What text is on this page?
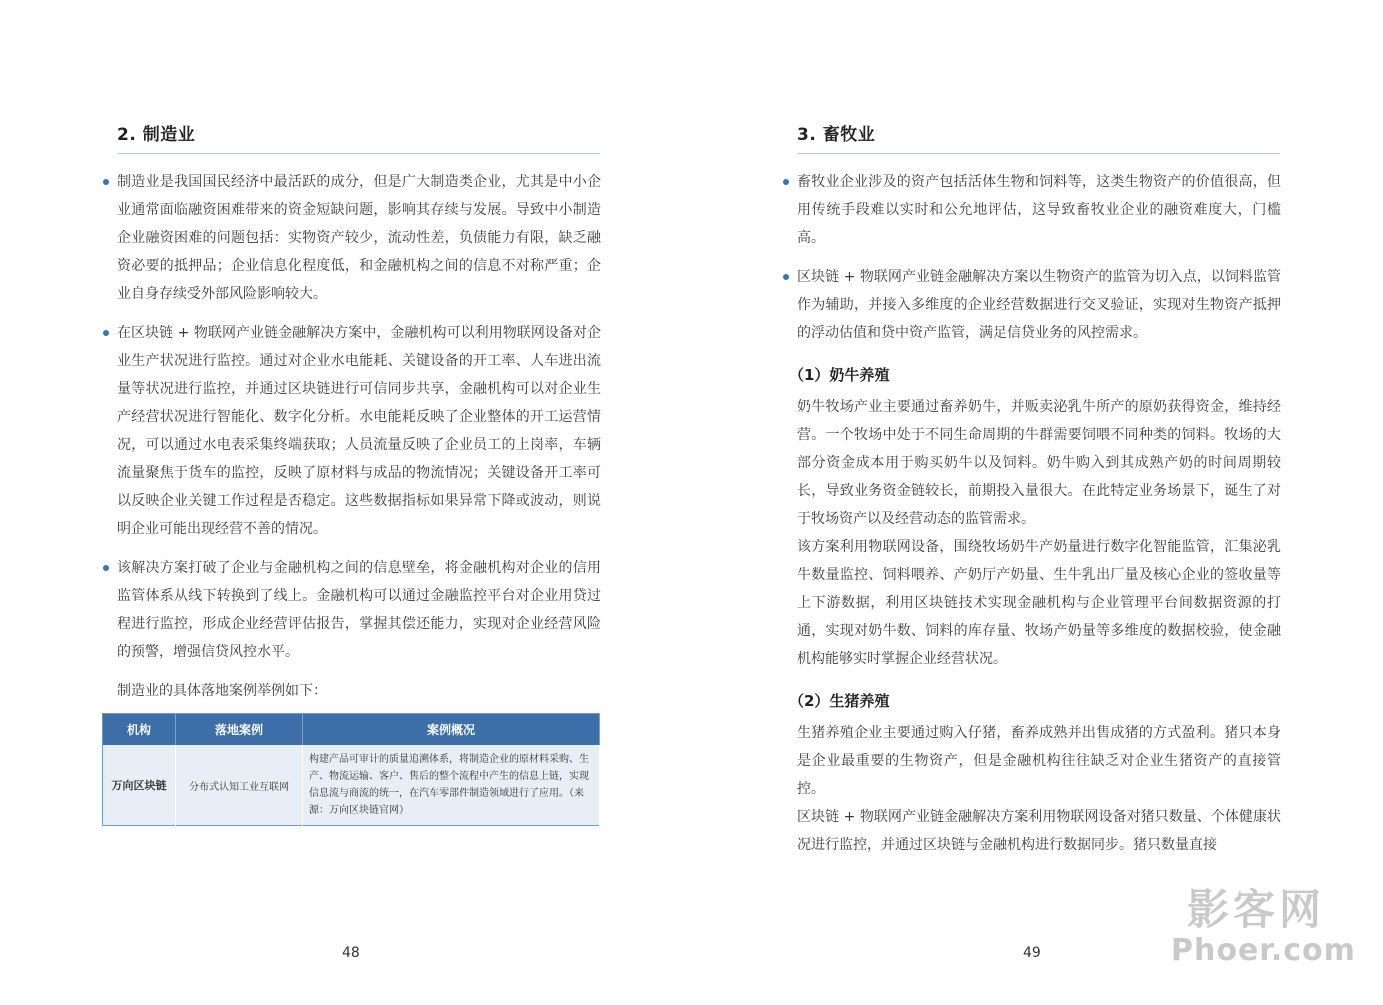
2. 制造业

制造业是我国国民经济中最活跃的成分，但是广大制造类企业，尤其是中小企业通常面临融资困难带来的资金短缺问题，影响其存续与发展。导致中小制造企业融资困难的问题包括：实物资产较少，流动性差，负债能力有限，缺乏融资必要的抵押品；企业信息化程度低，和金融机构之间的信息不对称严重；企业自身存续受外部风险影响较大。

在区块链 + 物联网产业链金融解决方案中，金融机构可以利用物联网设备对企业生产状况进行监控。通过对企业水电能耗、关键设备的开工率、人车进出流量等状况进行监控，并通过区块链进行可信同步共享，金融机构可以对企业生产经营状况进行智能化、数字化分析。水电能耗反映了企业整体的开工运营情况，可以通过水电表采集终端获取；人员流量反映了企业员工的上岗率，车辆流量聚焦于货车的监控，反映了原材料与成品的物流情况；关键设备开工率可以反映企业关键工作过程是否稳定。这些数据指标如果异常下降或波动，则说明企业可能出现经营不善的情况。

该解决方案打破了企业与金融机构之间的信息壁垒，将金融机构对企业的信用监管体系从线下转换到了线上。金融机构可以通过金融监控平台对企业用贷过程进行监控，形成企业经营评估报告，掌握其偿还能力，实现对企业经营风险的预警，增强信贷风控水平。

制造业的具体落地案例举例如下：

机构	落地案例	案例概况
万向区块链	分布式认知工业互联网	构建产品可审计的质量追溯体系，将制造企业的原材料采购、生产、物流运输、客户、售后的整个流程中产生的信息上链，实现信息流与商流的统一，在汽车零部件制造领域进行了应用。（来源：万向区块链官网）
48
3. 畜牧业

畜牧业企业涉及的资产包括活体生物和饲料等，这类生物资产的价值很高，但用传统手段难以实时和公允地评估，这导致畜牧业企业的融资难度大，门槛高。

区块链 + 物联网产业链金融解决方案以生物资产的监管为切入点，以饲料监管作为辅助，并接入多维度的企业经营数据进行交叉验证，实现对生物资产抵押的浮动估值和贷中资产监管，满足信贷业务的风控需求。

（1）奶牛养殖

奶牛牧场产业主要通过畜养奶牛，并贩卖泌乳牛所产的原奶获得资金，维持经营。一个牧场中处于不同生命周期的牛群需要饲喂不同种类的饲料。牧场的大部分资金成本用于购买奶牛以及饲料。奶牛购入到其成熟产奶的时间周期较长，导致业务资金链较长，前期投入量很大。在此特定业务场景下，诞生了对于牧场资产以及经营动态的监管需求。

该方案利用物联网设备，围绕牧场奶牛产奶量进行数字化智能监管，汇集泌乳牛数量监控、饲料喂养、产奶厅产奶量、生牛乳出厂量及核心企业的签收量等上下游数据，利用区块链技术实现金融机构与企业管理平台间数据资源的打通，实现对奶牛数、饲料的库存量、牧场产奶量等多维度的数据校验，使金融机构能够实时掌握企业经营状况。

（2）生猪养殖

生猪养殖企业主要通过购入仔猪，畜养成熟并出售成猪的方式盈利。猪只本身是企业最重要的生物资产，但是金融机构往往缺乏对企业生猪资产的直接管控。

区块链 + 物联网产业链金融解决方案利用物联网设备对猪只数量、个体健康状况进行监控，并通过区块链与金融机构进行数据同步。猪只数量直接

49
影客网
Phoer.com
